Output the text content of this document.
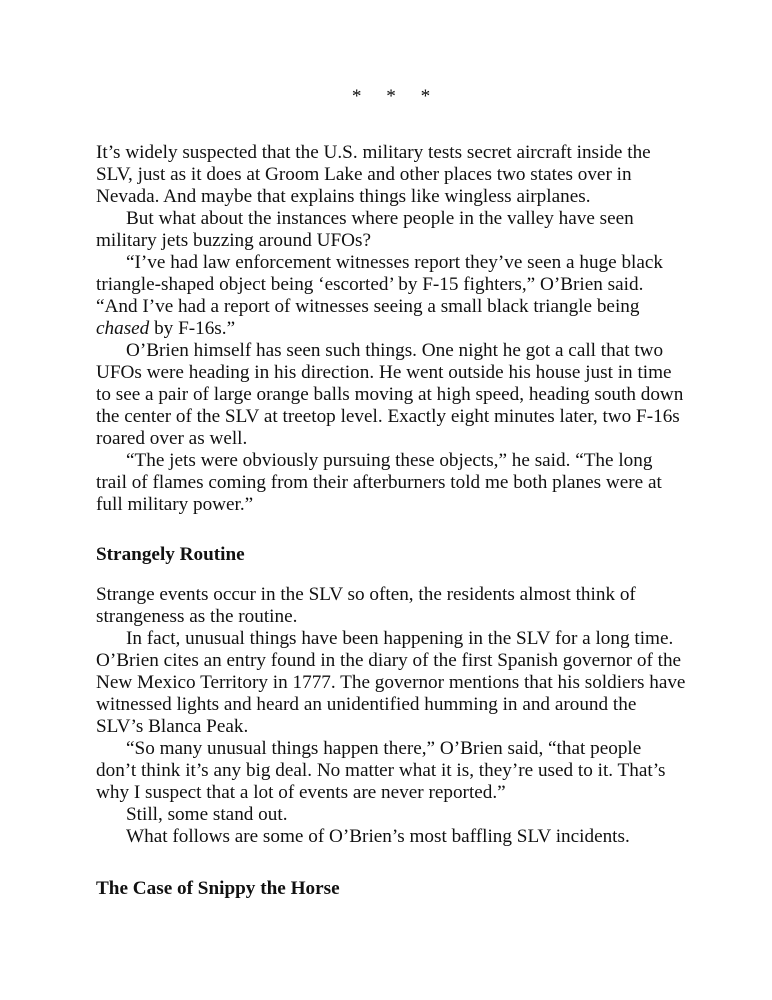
* * *

It’s widely suspected that the U.S. military tests secret aircraft inside the SLV, just as it does at Groom Lake and other places two states over in Nevada. And maybe that explains things like wingless airplanes.

But what about the instances where people in the valley have seen military jets buzzing around UFOs?

“I’ve had law enforcement witnesses report they’ve seen a huge black triangle-shaped object being ‘escorted’ by F-15 fighters,” O’Brien said. “And I’ve had a report of witnesses seeing a small black triangle being chased by F-16s.”

O’Brien himself has seen such things. One night he got a call that two UFOs were heading in his direction. He went outside his house just in time to see a pair of large orange balls moving at high speed, heading south down the center of the SLV at treetop level. Exactly eight minutes later, two F-16s roared over as well.

“The jets were obviously pursuing these objects,” he said. “The long trail of flames coming from their afterburners told me both planes were at full military power.”

Strangely Routine

Strange events occur in the SLV so often, the residents almost think of strangeness as the routine.

In fact, unusual things have been happening in the SLV for a long time. O’Brien cites an entry found in the diary of the first Spanish governor of the New Mexico Territory in 1777. The governor mentions that his soldiers have witnessed lights and heard an unidentified humming in and around the SLV’s Blanca Peak.

“So many unusual things happen there,” O’Brien said, “that people don’t think it’s any big deal. No matter what it is, they’re used to it. That’s why I suspect that a lot of events are never reported.”

Still, some stand out.

What follows are some of O’Brien’s most baffling SLV incidents.

The Case of Snippy the Horse
